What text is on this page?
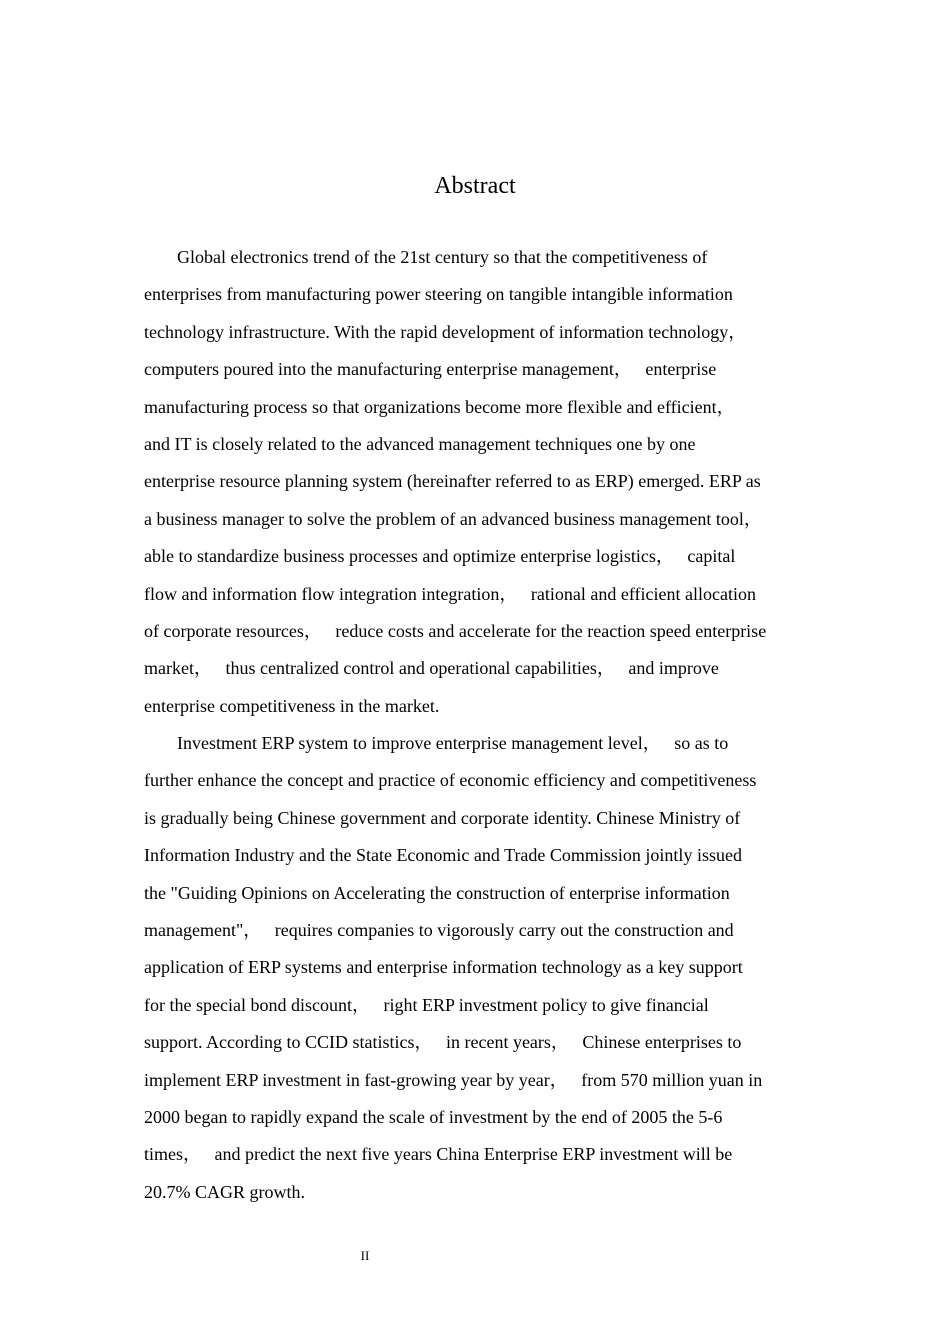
Abstract
Global electronics trend of the 21st century so that the competitiveness of
enterprises from manufacturing power steering on tangible intangible information
technology infrastructure. With the rapid development of information technology，
computers poured into the manufacturing enterprise management，   enterprise
manufacturing process so that organizations become more flexible and efficient，
and IT is closely related to the advanced management techniques one by one
enterprise resource planning system (hereinafter referred to as ERP) emerged. ERP as
a business manager to solve the problem of an advanced business management tool，
able to standardize business processes and optimize enterprise logistics，   capital
flow and information flow integration integration，   rational and efficient allocation
of corporate resources，   reduce costs and accelerate for the reaction speed enterprise
market，   thus centralized control and operational capabilities，   and improve
enterprise competitiveness in the market.
Investment ERP system to improve enterprise management level，   so as to
further enhance the concept and practice of economic efficiency and competitiveness
is gradually being Chinese government and corporate identity. Chinese Ministry of
Information Industry and the State Economic and Trade Commission jointly issued
the "Guiding Opinions on Accelerating the construction of enterprise information
management"，   requires companies to vigorously carry out the construction and
application of ERP systems and enterprise information technology as a key support
for the special bond discount，   right ERP investment policy to give financial
support. According to CCID statistics，   in recent years，   Chinese enterprises to
implement ERP investment in fast-growing year by year，   from 570 million yuan in
2000 began to rapidly expand the scale of investment by the end of 2005 the 5-6
times，   and predict the next five years China Enterprise ERP investment will be
20.7% CAGR growth.
II
